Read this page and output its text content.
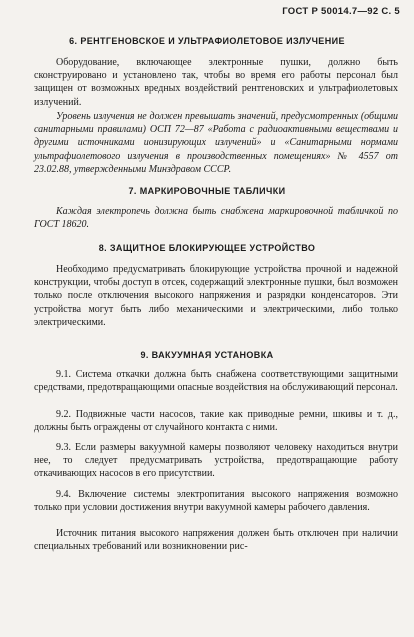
ГОСТ Р 50014.7—92 С. 5
6. РЕНТГЕНОВСКОЕ И УЛЬТРАФИОЛЕТОВОЕ ИЗЛУЧЕНИЕ

Оборудование, включающее электронные пушки, должно быть сконструировано и установлено так, чтобы во время его работы персонал был защищен от возможных вредных воздействий рентгеновских и ультрафиолетовых излучений.

Уровень излучения не должен превышать значений, предусмотренных (общими санитарными правилами) ОСП 72—87 «Работа с радиоактивными веществами и другими источниками ионизирующих излучений» и «Санитарными нормами ультрафиолетового излучения в производственных помещениях» № 4557 от 23.02.88, утвержденными Минздравом СССР.

7. МАРКИРОВОЧНЫЕ ТАБЛИЧКИ

Каждая электропечь должна быть снабжена маркировочной табличкой по ГОСТ 18620.

8. ЗАЩИТНОЕ БЛОКИРУЮЩЕЕ УСТРОЙСТВО

Необходимо предусматривать блокирующие устройства прочной и надежной конструкции, чтобы доступ в отсек, содержащий электронные пушки, был возможен только после отключения высокого напряжения и разрядки конденсаторов. Эти устройства могут быть либо механическими и электрическими, либо только электрическими.

9. ВАКУУМНАЯ УСТАНОВКА

9.1. Система откачки должна быть снабжена соответствующими защитными средствами, предотвращающими опасные воздействия на обслуживающий персонал.

9.2. Подвижные части насосов, такие как приводные ремни, шкивы и т. д., должны быть ограждены от случайного контакта с ними.

9.3. Если размеры вакуумной камеры позволяют человеку находиться внутри нее, то следует предусматривать устройства, предотвращающие работу откачивающих насосов в его присутствии.

9.4. Включение системы электропитания высокого напряжения возможно только при условии достижения внутри вакуумной камеры рабочего давления.

Источник питания высокого напряжения должен быть отключен при наличии специальных требований или возникновении рис-
